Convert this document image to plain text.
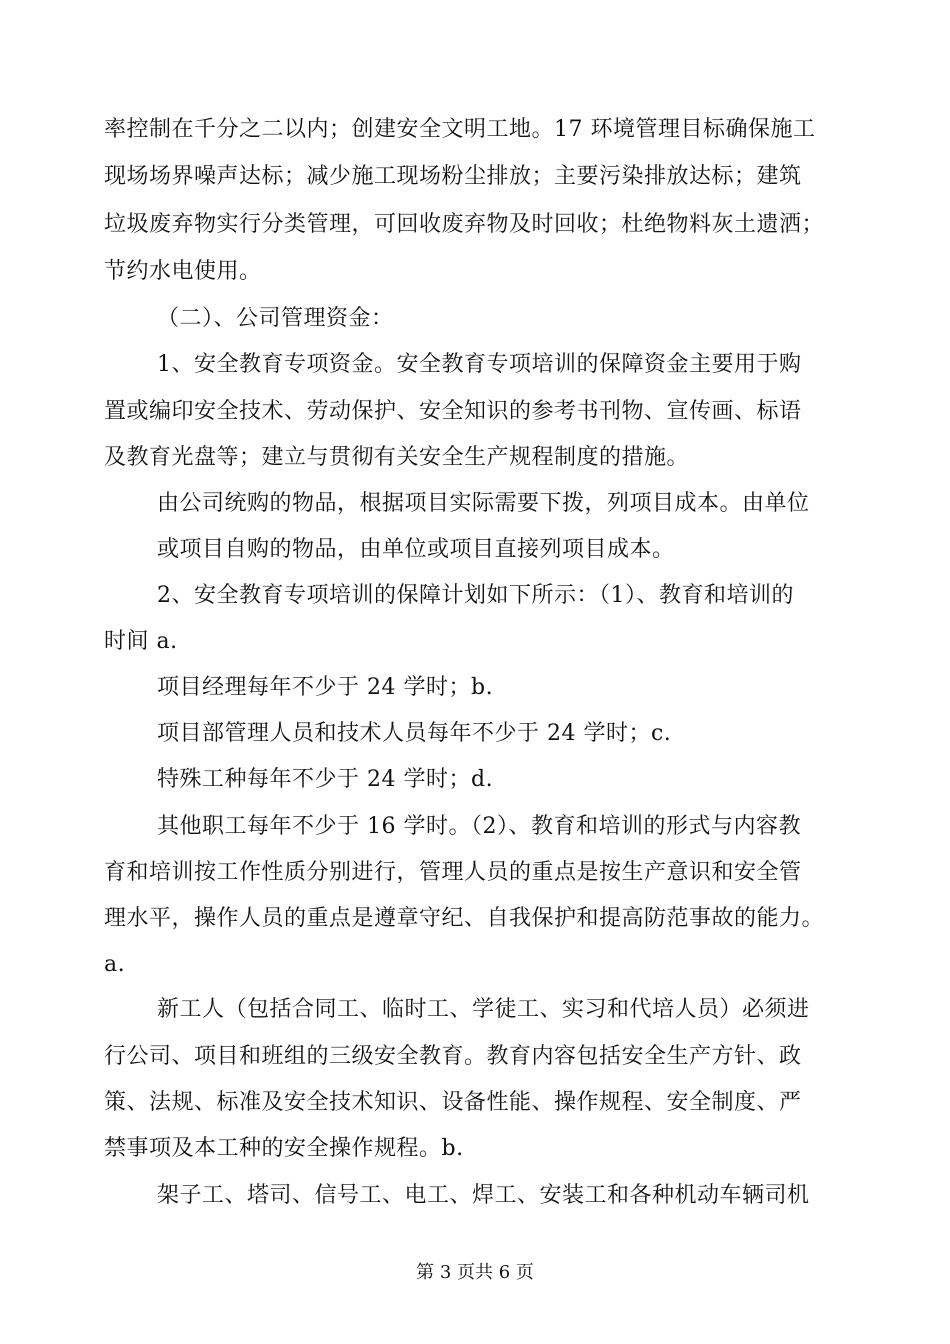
率控制在千分之二以内；创建安全文明工地。17 环境管理目标确保施工
现场场界噪声达标；减少施工现场粉尘排放；主要污染排放达标；建筑
垃圾废弃物实行分类管理，可回收废弃物及时回收；杜绝物料灰土遗洒；
节约水电使用。
（二）、公司管理资金：
1、安全教育专项资金。安全教育专项培训的保障资金主要用于购
置或编印安全技术、劳动保护、安全知识的参考书刊物、宣传画、标语
及教育光盘等；建立与贯彻有关安全生产规程制度的措施。
由公司统购的物品，根据项目实际需要下拨，列项目成本。由单位
或项目自购的物品，由单位或项目直接列项目成本。
2、安全教育专项培训的保障计划如下所示：（1）、教育和培训的
时间 a.
项目经理每年不少于 24 学时；b.
项目部管理人员和技术人员每年不少于 24 学时；c.
特殊工种每年不少于 24 学时；d.
其他职工每年不少于 16 学时。（2）、教育和培训的形式与内容教
育和培训按工作性质分别进行，管理人员的重点是按生产意识和安全管
理水平，操作人员的重点是遵章守纪、自我保护和提高防范事故的能力。
a.
新工人（包括合同工、临时工、学徒工、实习和代培人员）必须进
行公司、项目和班组的三级安全教育。教育内容包括安全生产方针、政
策、法规、标准及安全技术知识、设备性能、操作规程、安全制度、严
禁事项及本工种的安全操作规程。b.
架子工、塔司、信号工、电工、焊工、安装工和各种机动车辆司机
第 3 页共 6 页
